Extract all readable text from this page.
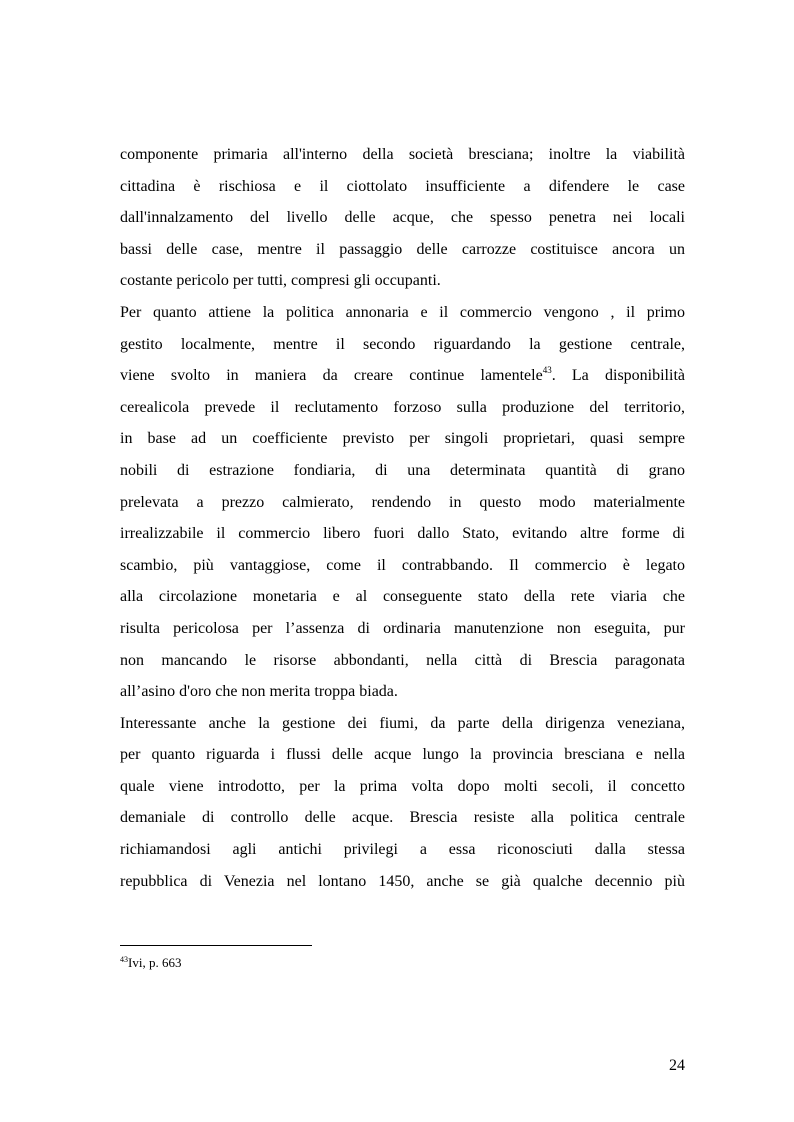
componente primaria all'interno della società bresciana; inoltre la viabilità
cittadina è rischiosa e il ciottolato insufficiente a difendere le case
dall'innalzamento del livello delle acque, che spesso penetra nei locali
bassi delle case, mentre il passaggio delle carrozze costituisce ancora un
costante pericolo per tutti, compresi gli occupanti.
Per quanto attiene la politica annonaria e il commercio vengono , il primo
gestito localmente, mentre il secondo riguardando la gestione centrale,
viene svolto in maniera da creare continue lamentele$^{43}$. La disponibilità
cerealicola prevede il reclutamento forzoso sulla produzione del territorio,
in base ad un coefficiente previsto per singoli proprietari, quasi sempre
nobili di estrazione fondiaria, di una determinata quantità di grano
prelevata a prezzo calmierato, rendendo in questo modo materialmente
irrealizzabile il commercio libero fuori dallo Stato, evitando altre forme di
scambio, più vantaggiose, come il contrabbando. Il commercio è legato
alla circolazione monetaria e al conseguente stato della rete viaria che
risulta pericolosa per l’assenza di ordinaria manutenzione non eseguita, pur
non mancando le risorse abbondanti, nella città di Brescia paragonata
all’asino d'oro che non merita troppa biada.
Interessante anche la gestione dei fiumi, da parte della dirigenza veneziana,
per quanto riguarda i flussi delle acque lungo la provincia bresciana e nella
quale viene introdotto, per la prima volta dopo molti secoli, il concetto
demaniale di controllo delle acque. Brescia resiste alla politica centrale
richiamandosi agli antichi privilegi a essa riconosciuti dalla stessa
repubblica di Venezia nel lontano 1450, anche se già qualche decennio più
$^{43}$Ivi, p. 663
24
